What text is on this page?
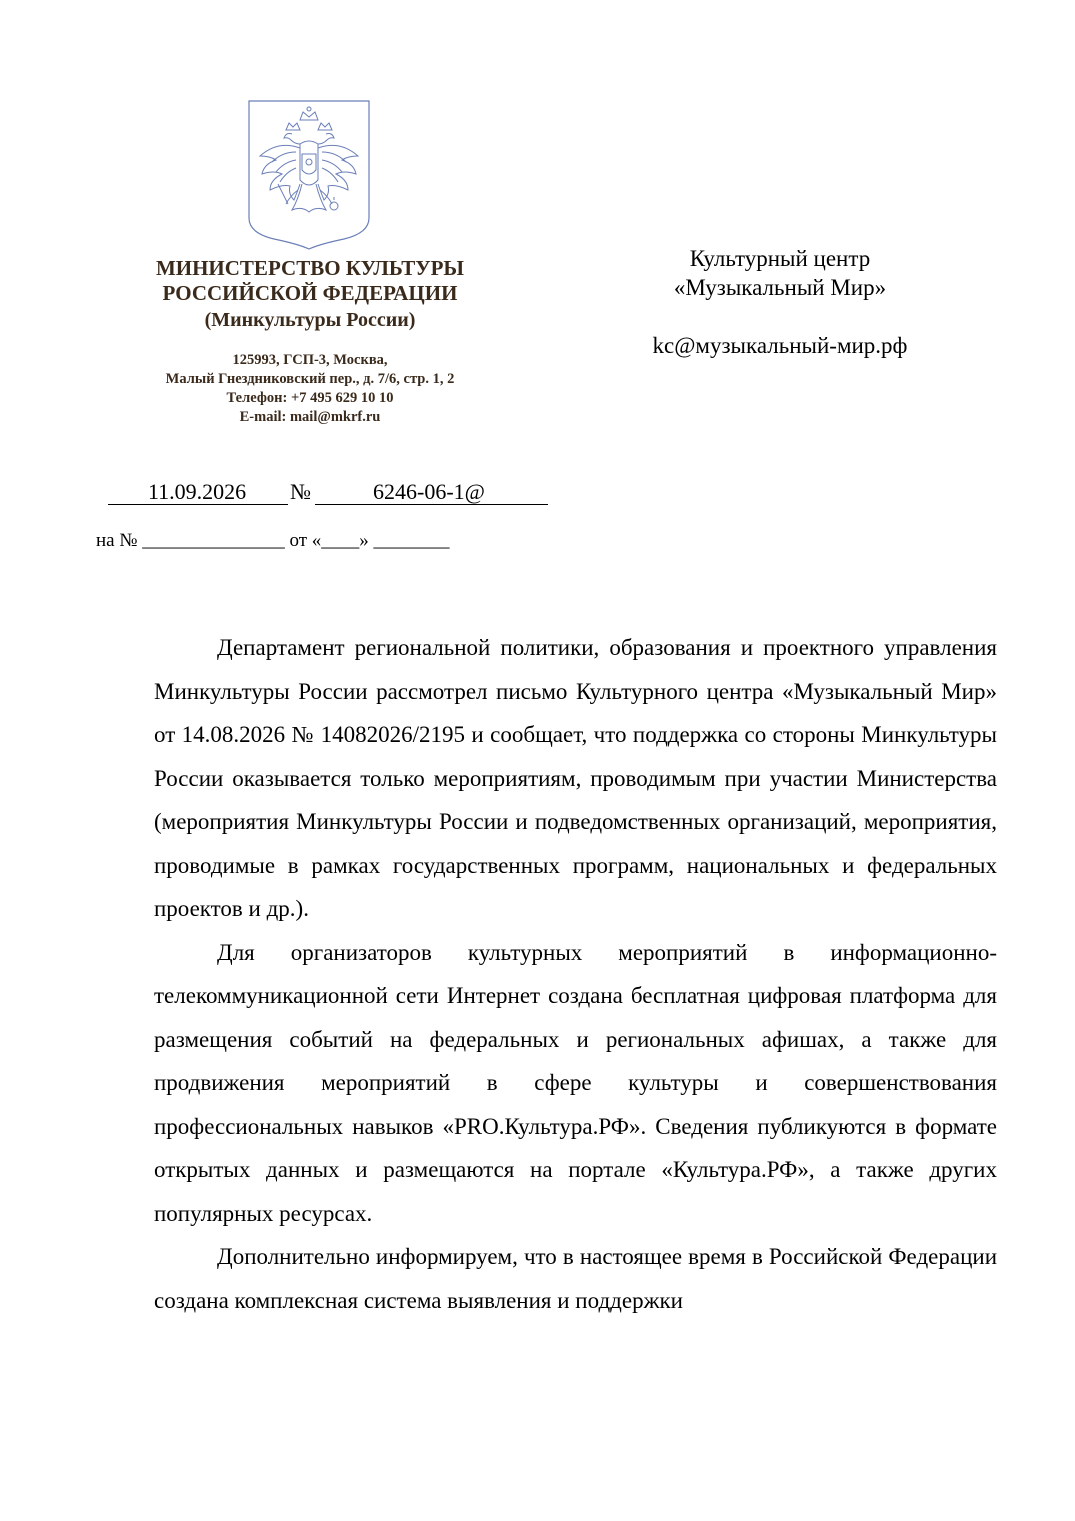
МИНИСТЕРСТВО КУЛЬТУРЫ
РОССИЙСКОЙ ФЕДЕРАЦИИ
(Минкультуры России)
125993, ГСП-3, Москва,
Малый Гнездниковский пер., д. 7/6, стр. 1, 2
Телефон: +7 495 629 10 10
E-mail: mail@mkrf.ru
Культурный центр
«Музыкальный Мир»
kc@музыкальный-мир.рф
11.09.2026 №	6246-06-1@
на № _______________ от «____» ________

Департамент региональной политики, образования и проектного управления Минкультуры России рассмотрел письмо Культурного центра «Музыкальный Мир» от 14.08.2026 № 14082026/2195 и сообщает, что поддержка со стороны Минкультуры России оказывается только мероприятиям, проводимым при участии Министерства (мероприятия Минкультуры России и подведомственных организаций, мероприятия, проводимые в рамках государственных программ, национальных и федеральных проектов и др.).

Для организаторов культурных мероприятий в информационно-телекоммуникационной сети Интернет создана бесплатная цифровая платформа для размещения событий на федеральных и региональных афишах, а также для продвижения мероприятий в сфере культуры и совершенствования профессиональных навыков «PRO.Культура.РФ». Сведения публикуются в формате открытых данных и размещаются на портале «Культура.РФ», а также других популярных ресурсах.

Дополнительно информируем, что в настоящее время в Российской Федерации создана комплексная система выявления и поддержки
